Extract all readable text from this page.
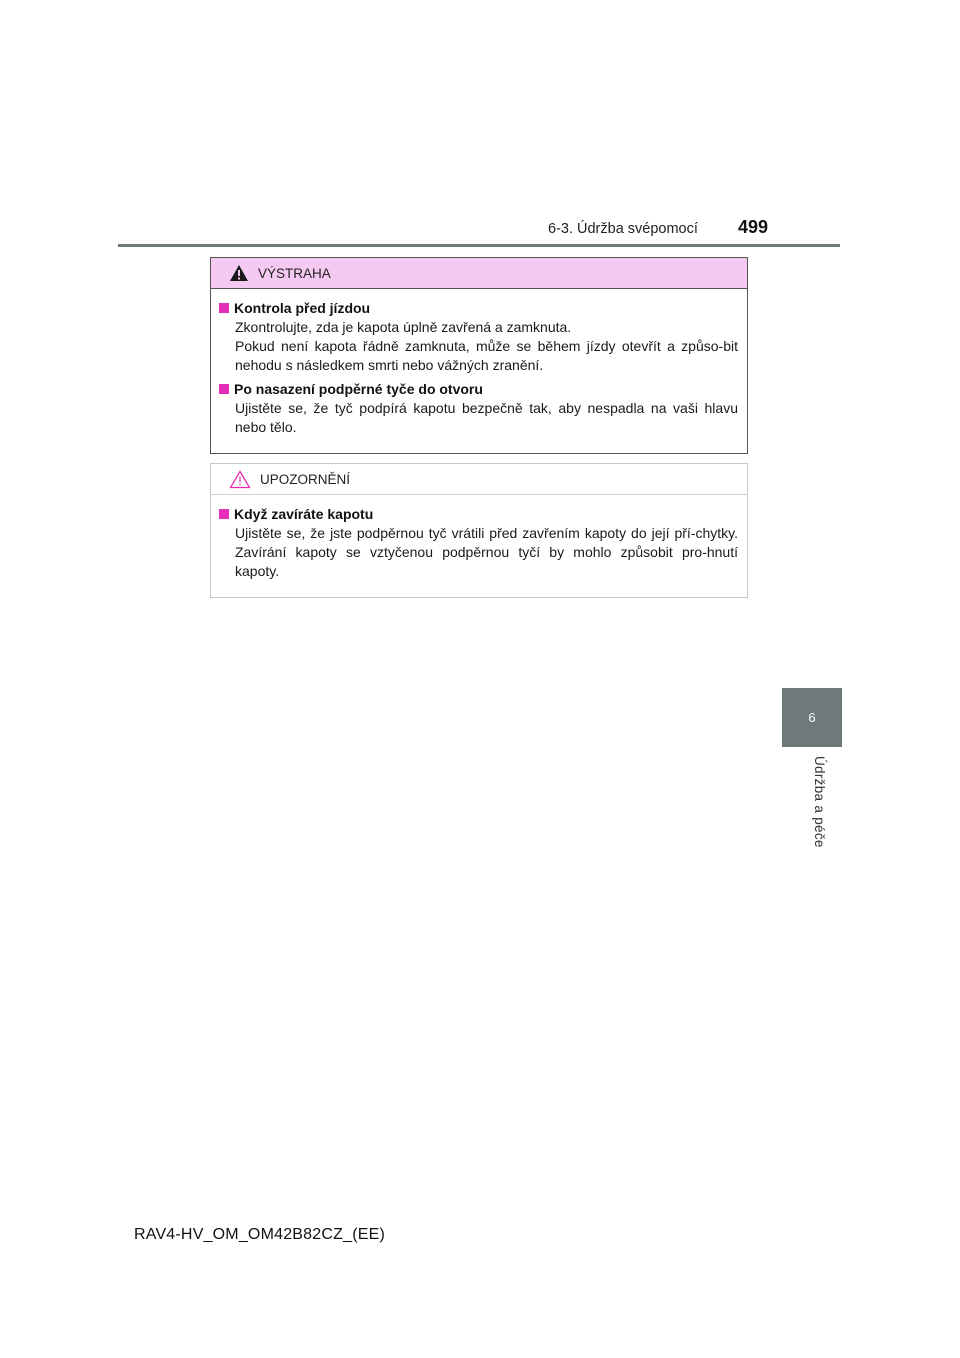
6-3. Údržba svépomocí 499
6
Údržba a péče
VÝSTRAHA
Kontrola před jízdou

Zkontrolujte, zda je kapota úplně zavřená a zamknuta.

Pokud není kapota řádně zamknuta, může se během jízdy otevřít a způso-bit nehodu s následkem smrti nebo vážných zranění.

Po nasazení podpěrné tyče do otvoru

Ujistěte se, že tyč podpírá kapotu bezpečně tak, aby nespadla na vaši hlavu nebo tělo.

UPOZORNĚNÍ
Když zavíráte kapotu

Ujistěte se, že jste podpěrnou tyč vrátili před zavřením kapoty do její pří-chytky. Zavírání kapoty se vztyčenou podpěrnou tyčí by mohlo způsobit pro-hnutí kapoty.

RAV4-HV_OM_OM42B82CZ_(EE)
